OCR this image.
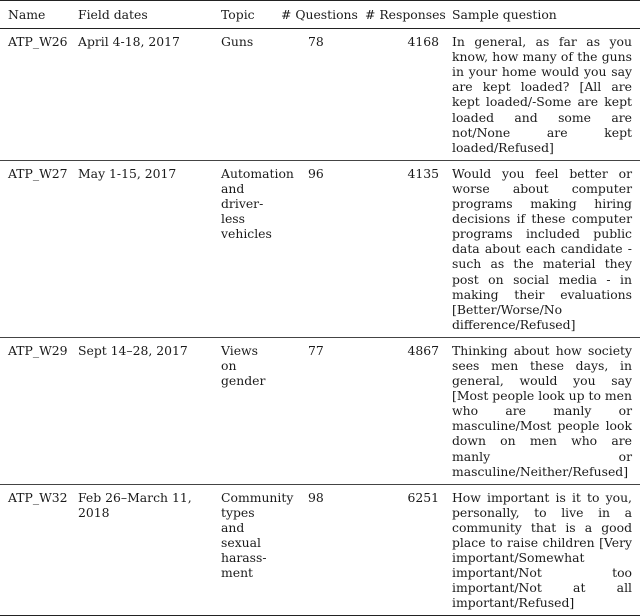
Name	Field dates	Topic	# Questions	# Responses	Sample question
ATP_W26	April 4-18, 2017	Guns	78	4168	In general, as far as you know, how many of the guns in your home would you say are kept loaded? [All are kept loaded/-Some are kept loaded and some are not/None are kept loaded/Refused]
ATP_W27	May 1-15, 2017	Automation and driver-less vehicles	96	4135	Would you feel better or worse about computer programs making hiring decisions if these computer programs included public data about each candidate - such as the material they post on social media - in making their evaluations [Better/Worse/No difference/Refused]
ATP_W29	Sept 14–28, 2017	Views on gender	77	4867	Thinking about how society sees men these days, in general, would you say [Most people look up to men who are manly or masculine/Most people look down on men who are manly or masculine/Neither/Refused]
ATP_W32	Feb 26–March 11, 2018	Community types and sexual harass-ment	98	6251	How important is it to you, personally, to live in a community that is a good place to raise children [Very important/Somewhat important/Not too important/Not at all important/Refused]
